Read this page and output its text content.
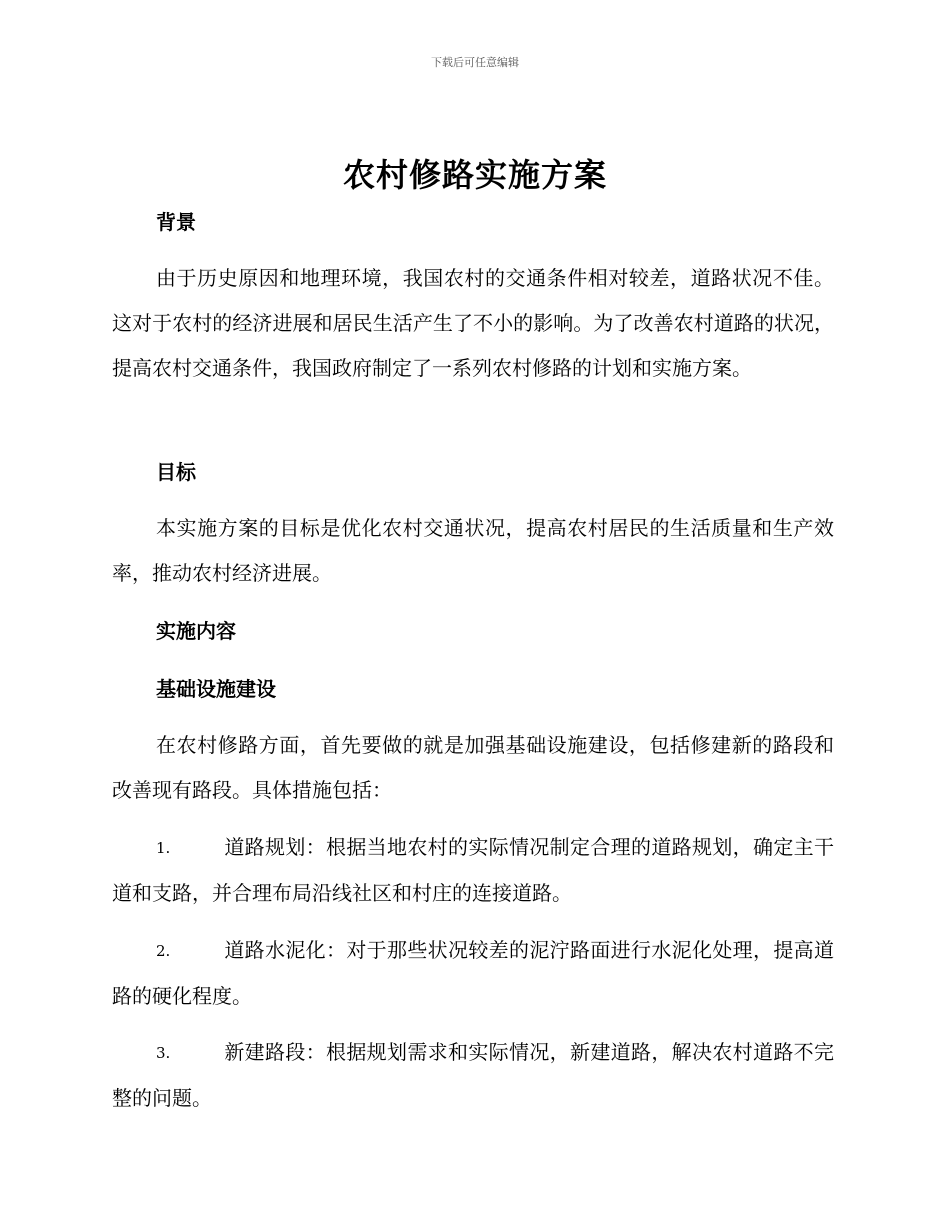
下载后可任意编辑
农村修路实施方案
背景
由于历史原因和地理环境，我国农村的交通条件相对较差，道路状况不佳。这对于农村的经济进展和居民生活产生了不小的影响。为了改善农村道路的状况，提高农村交通条件，我国政府制定了一系列农村修路的计划和实施方案。
目标
本实施方案的目标是优化农村交通状况，提高农村居民的生活质量和生产效率，推动农村经济进展。
实施内容
基础设施建设
在农村修路方面，首先要做的就是加强基础设施建设，包括修建新的路段和改善现有路段。具体措施包括：
1.	道路规划：根据当地农村的实际情况制定合理的道路规划，确定主干道和支路，并合理布局沿线社区和村庄的连接道路。
2.	道路水泥化：对于那些状况较差的泥泞路面进行水泥化处理，提高道路的硬化程度。
3.	新建路段：根据规划需求和实际情况，新建道路，解决农村道路不完整的问题。
